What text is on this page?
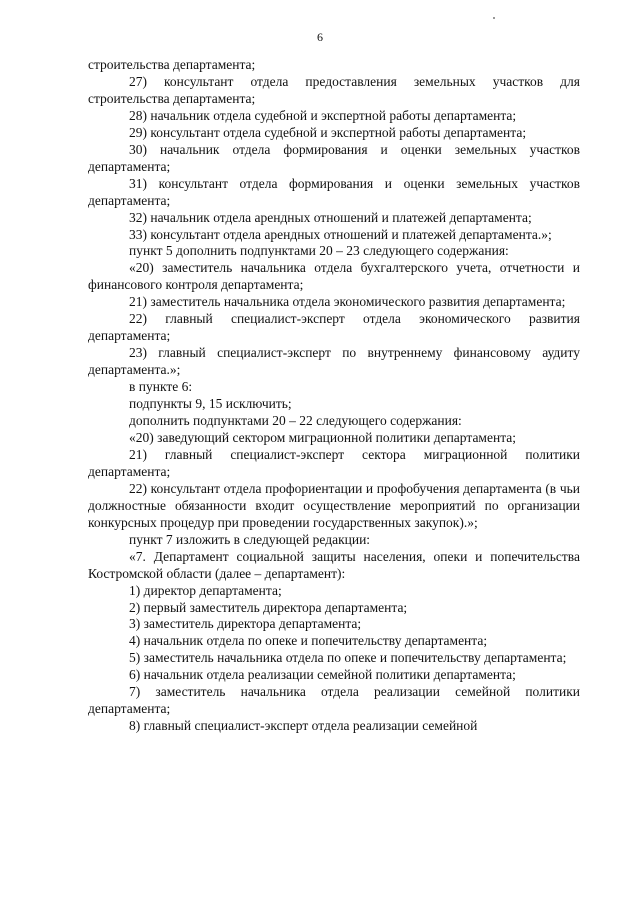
6

строительства департамента;

27) консультант отдела предоставления земельных участков для строительства департамента;

28) начальник отдела судебной и экспертной работы департамента;

29) консультант отдела судебной и экспертной работы департамента;

30) начальник отдела формирования и оценки земельных участков департамента;

31) консультант отдела формирования и оценки земельных участков департамента;

32) начальник отдела арендных отношений и платежей департамента;

33) консультант отдела арендных отношений и платежей департамента.»;

пункт 5 дополнить подпунктами 20 – 23 следующего содержания:

«20) заместитель начальника отдела бухгалтерского учета, отчетности и финансового контроля департамента;

21) заместитель начальника отдела экономического развития департамента;

22) главный специалист-эксперт отдела экономического развития департамента;

23) главный специалист-эксперт по внутреннему финансовому аудиту департамента.»;

в пункте 6:

подпункты 9, 15 исключить;

дополнить подпунктами 20 – 22 следующего содержания:

«20) заведующий сектором миграционной политики департамента;

21) главный специалист-эксперт сектора миграционной политики департамента;

22) консультант отдела профориентации и профобучения департамента (в чьи должностные обязанности входит осуществление мероприятий по организации конкурсных процедур при проведении государственных закупок).»;

пункт 7 изложить в следующей редакции:

«7. Департамент социальной защиты населения, опеки и попечительства Костромской области (далее – департамент):

1) директор департамента;

2) первый заместитель директора департамента;

3) заместитель директора департамента;

4) начальник отдела по опеке и попечительству департамента;

5) заместитель начальника отдела по опеке и попечительству департамента;

6) начальник отдела реализации семейной политики департамента;

7) заместитель начальника отдела реализации семейной политики департамента;

8) главный специалист-эксперт отдела реализации семейной
